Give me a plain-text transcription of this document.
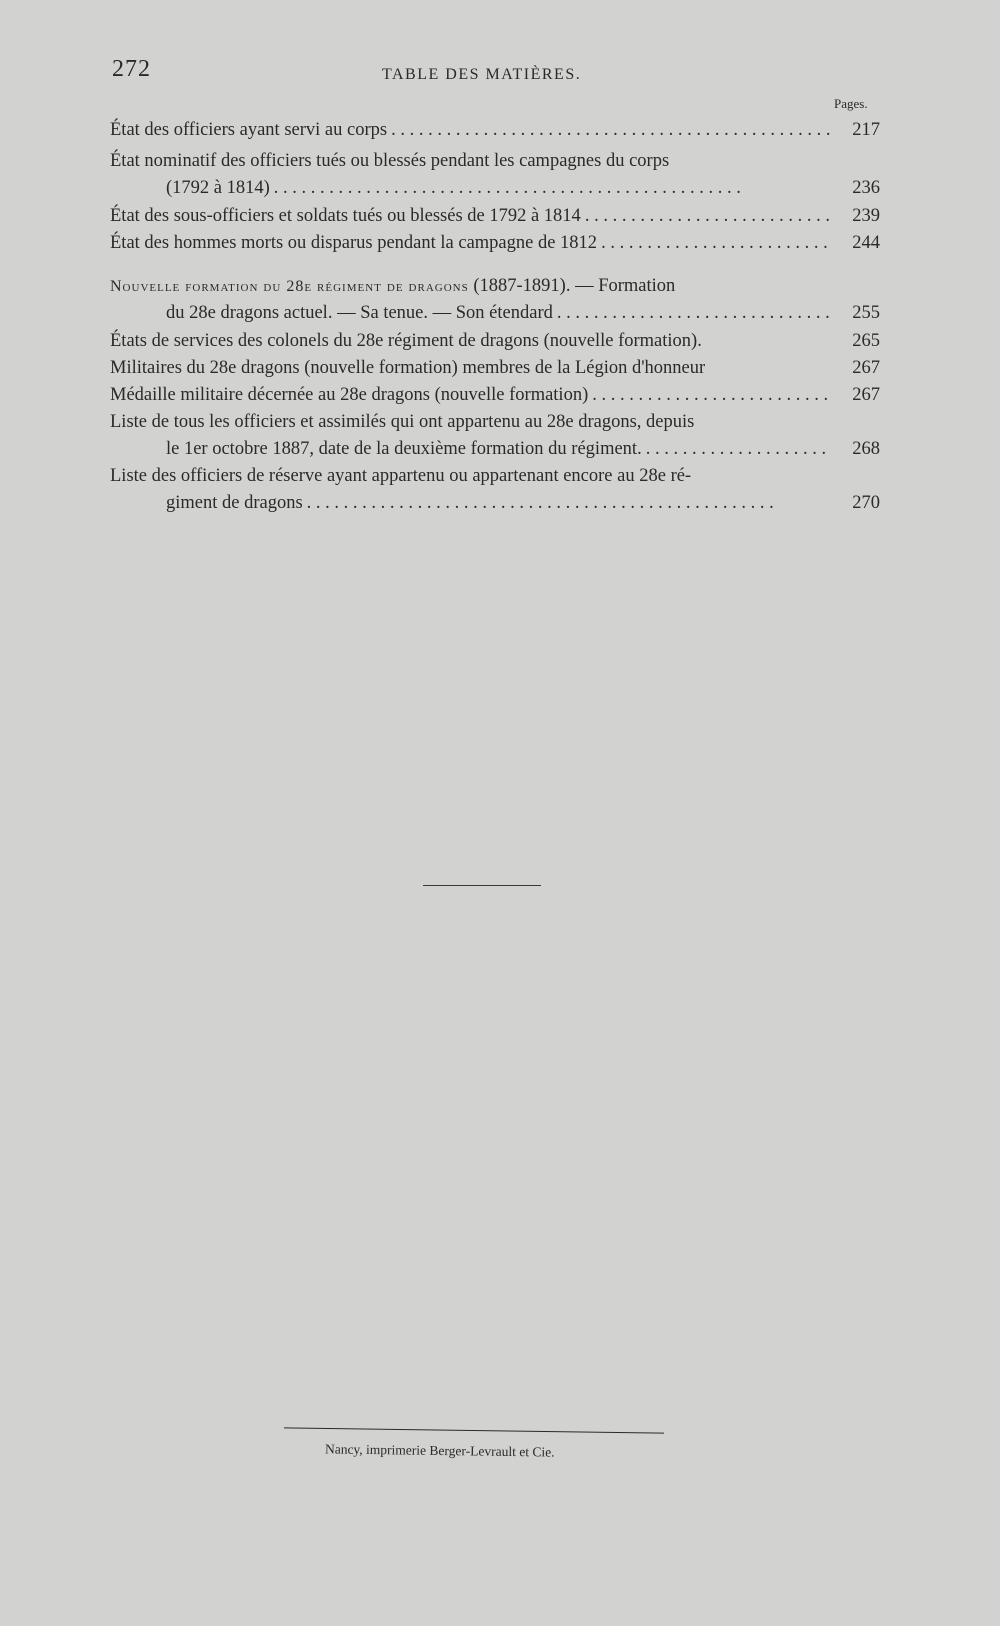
272	TABLE DES MATIÈRES.
Pages.
État des officiers ayant servi au corps . . .	217
État nominatif des officiers tués ou blessés pendant les campagnes du corps
(1792 à 1814) . . .	236
État des sous-officiers et soldats tués ou blessés de 1792 à 1814 . . .	239
État des hommes morts ou disparus pendant la campagne de 1812 . . .	244
Nouvelle formation du 28e régiment de dragons (1887-1891). — Formation
du 28e dragons actuel. — Sa tenue. — Son étendard . . .	255
États de services des colonels du 28e régiment de dragons (nouvelle formation).	265
Militaires du 28e dragons (nouvelle formation) membres de la Légion d'honneur	267
Médaille militaire décernée au 28e dragons (nouvelle formation) . . .	267
Liste de tous les officiers et assimilés qui ont appartenu au 28e dragons, depuis
le 1er octobre 1887, date de la deuxième formation du régiment. . . .	268
Liste des officiers de réserve ayant appartenu ou appartenant encore au 28e ré-
giment de dragons . . .	270
Nancy, imprimerie Berger-Levrault et Cie.
